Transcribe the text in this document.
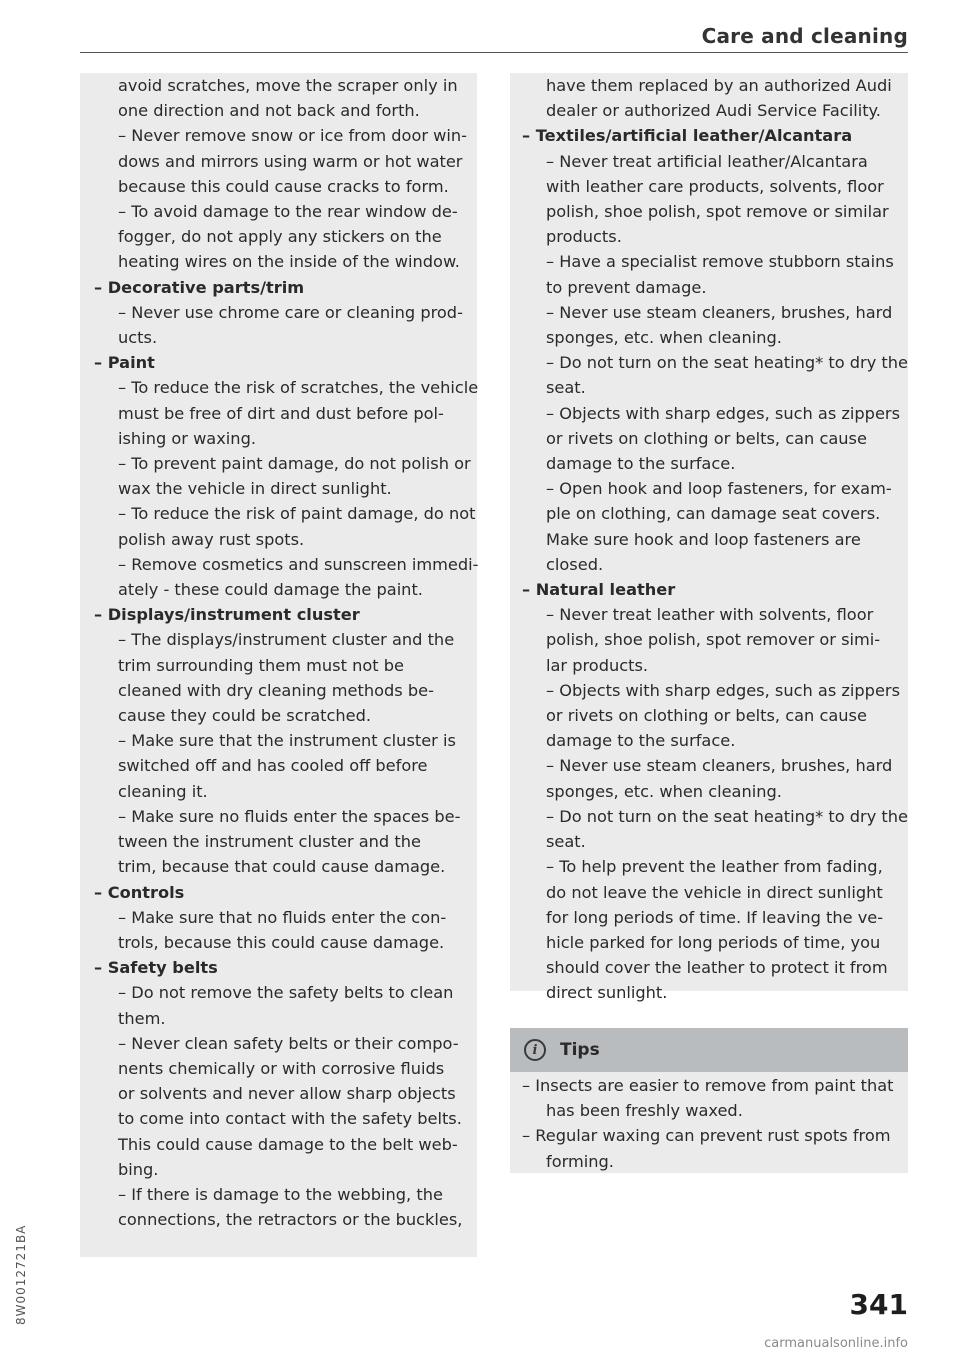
Care and cleaning
avoid scratches, move the scraper only in
one direction and not back and forth.
– Never remove snow or ice from door win-
dows and mirrors using warm or hot water
because this could cause cracks to form.
– To avoid damage to the rear window de-
fogger, do not apply any stickers on the
heating wires on the inside of the window.
– Decorative parts/trim
– Never use chrome care or cleaning prod-
ucts.
– Paint
– To reduce the risk of scratches, the vehicle
must be free of dirt and dust before pol-
ishing or waxing.
– To prevent paint damage, do not polish or
wax the vehicle in direct sunlight.
– To reduce the risk of paint damage, do not
polish away rust spots.
– Remove cosmetics and sunscreen immedi-
ately - these could damage the paint.
– Displays/instrument cluster
– The displays/instrument cluster and the
trim surrounding them must not be
cleaned with dry cleaning methods be-
cause they could be scratched.
– Make sure that the instrument cluster is
switched off and has cooled off before
cleaning it.
– Make sure no fluids enter the spaces be-
tween the instrument cluster and the
trim, because that could cause damage.
– Controls
– Make sure that no fluids enter the con-
trols, because this could cause damage.
– Safety belts
– Do not remove the safety belts to clean
them.
– Never clean safety belts or their compo-
nents chemically or with corrosive fluids
or solvents and never allow sharp objects
to come into contact with the safety belts.
This could cause damage to the belt web-
bing.
– If there is damage to the webbing, the
connections, the retractors or the buckles,
have them replaced by an authorized Audi
dealer or authorized Audi Service Facility.
– Textiles/artificial leather/Alcantara
– Never treat artificial leather/Alcantara
with leather care products, solvents, floor
polish, shoe polish, spot remove or similar
products.
– Have a specialist remove stubborn stains
to prevent damage.
– Never use steam cleaners, brushes, hard
sponges, etc. when cleaning.
– Do not turn on the seat heating* to dry the
seat.
– Objects with sharp edges, such as zippers
or rivets on clothing or belts, can cause
damage to the surface.
– Open hook and loop fasteners, for exam-
ple on clothing, can damage seat covers.
Make sure hook and loop fasteners are
closed.
– Natural leather
– Never treat leather with solvents, floor
polish, shoe polish, spot remover or simi-
lar products.
– Objects with sharp edges, such as zippers
or rivets on clothing or belts, can cause
damage to the surface.
– Never use steam cleaners, brushes, hard
sponges, etc. when cleaning.
– Do not turn on the seat heating* to dry the
seat.
– To help prevent the leather from fading,
do not leave the vehicle in direct sunlight
for long periods of time. If leaving the ve-
hicle parked for long periods of time, you
should cover the leather to protect it from
direct sunlight.
i	Tips
– Insects are easier to remove from paint that
has been freshly waxed.
– Regular waxing can prevent rust spots from
forming.
8W0012721BA	341
carmanualsonline.info
